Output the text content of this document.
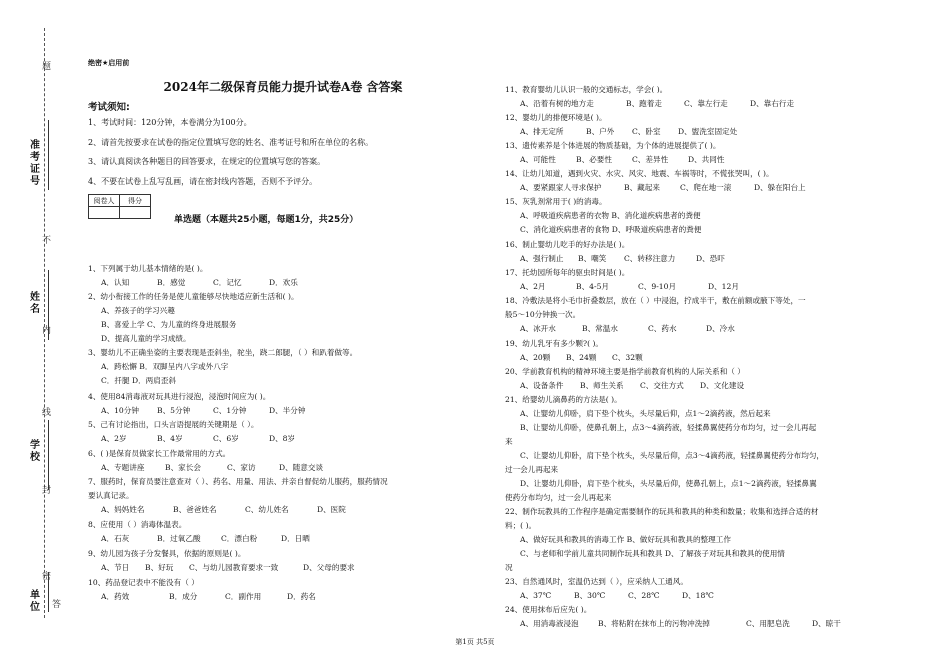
准考证号
姓名
学校
单位
题
不
内
线
封
密
答
绝密★启用前
2024年二级保育员能力提升试卷A卷 含答案
考试须知:
1、考试时间：120分钟，本卷满分为100分。
2、请首先按要求在试卷的指定位置填写您的姓名、准考证号和所在单位的名称。
3、请认真阅读各种题目的回答要求，在规定的位置填写您的答案。
4、不要在试卷上乱写乱画，请在密封线内答题，否则不予评分。
阅卷人	得分

单选题（本题共25小题，每题1分，共25分）
1、下列属于幼儿基本情绪的是( )。
A．认知	B．感觉	C．记忆	D．欢乐
2、幼小衔接工作的任务是使儿童能够尽快地适应新生活和( )。
A、养孩子的学习兴趣
B、喜爱上学 C、为儿童的终身进展服务
D、提高儿童的学习成绩。
3、婴幼儿不正确坐姿的主要表现是歪斜坐，驼坐，跷二郎腿，（ ）和趴着做等。
A．跨松懈 B．双脚呈内八字或外八字
C．扦腿 D．两肩歪斜
4、使用84消毒液对玩具进行浸泡，浸泡时间应为( )。
A、10分钟 B、5分钟	C、1分钟	D、半分钟
5、己有讨论指出，口头言语提展的关键期是（ ）。
A、2岁	B、4岁	C、6岁	D、8岁
6、( )是保育员做家长工作最常用的方式。
A、专题讲座	B、家长会	C、家访	D、随意交谈
7、服药时，保育员要注意查对（ ）、药名、用量、用法、并亲自督促幼儿服药，服药情况
要认真记录。
A、妈妈姓名	B、爸爸姓名	C、幼儿姓名	D、医院
8、应使用（ ）消毒体温表。
A．石灰	B．过氧乙酸	C．漂白粉	D．日晒
9、幼儿园为孩子分发餐具，依据的原则是( )。
A、节日 B、好玩 C、与幼儿园教育要求一致	D、父母的要求
10、药品登记表中不能没有（ ）
A．药效	B．成分	C．副作用	D．药名
11、教育婴幼儿认识一般的交通标志，学会( )。
A、沿着有树的地方走	B、跑着走	C、靠左行走	D、靠右行走
12、婴幼儿的排便环境是( )。
A、排无定所	B、户外 C、卧室 D、盥洗室固定处
13、遗传素养是个体进展的物质基础，为个体的进展提供了( )。
A、可能性	B、必要性	C、差异性	D、共同性
14、让幼儿知道，遇到火灾、水灾、风灾、地震、车祸等时，不慌张哭叫，( )。
A、要紧跟家人寻求保护	B、藏起来	C、爬在地一滚	D、躲在阳台上
15、灰乳剂常用于( )的消毒。
A、呼吸道疾病患者的衣物 B、消化道疾病患者的粪便
C、消化道疾病患者的食物 D、呼吸道疾病患者的粪便
16、制止婴幼儿吃手的好办法是( )。
A、强行制止 B、嘲笑 C、转移注意力	D、恐吓
17、托幼园所每年的驱虫时间是( )。
A、2月	B、4-5月	C、9-10月	D、12月
18、冷敷法是将小毛巾折叠数层，放在（ ）中浸泡，拧成半干，敷在前额或腋下等处，一
般5～10分钟换一次。
A、冰开水	B、常温水	C、药水	D、冷水
19、幼儿乳牙有多少颗?( )。
A、20颗 B、24颗 C、32颗
20、学前教育机构的精神环境主要是指学前教育机构的人际关系和（ ）
A、设备条件 B、师生关系 C、交往方式 D、文化建设
21、给婴幼儿滴鼻药的方法是( )。
A、让婴幼儿仰卧，肩下垫个枕头，头尽量后仰，点1～2滴药液，然后起来
B、让婴幼儿仰卧，使鼻孔朝上，点3～4滴药液，轻揉鼻翼使药分布均匀，过一会儿再起
来
C、让婴幼儿仰卧，肩下垫个枕头，头尽量后仰，点3～4滴药液，轻揉鼻翼使药分布均匀，
过一会儿再起来
D、让婴幼儿仰卧，肩下垫个枕头，头尽量后仰，使鼻孔朝上，点1～2滴药液，轻揉鼻翼
使药分布均匀，过一会儿再起来
22、制作玩教具的工作程序是确定需要制作的玩具和教具的种类和数量；收集和选择合适的材
料；( )。
A、做好玩具和教具的消毒工作 B、做好玩具和教具的整理工作
C、与老师和学前儿童共同制作玩具和教具 D、了解孩子对玩具和教具的使用情
况
23、自然通风时，室温仍达到（ ），应采纳人工通风。
A、37℃	B、30℃	C、28℃	D、18℃
24、使用抹布后应先( )。
A、用消毒液浸泡	B、将粘附在抹布上的污物冲洗掉	C、用肥皂洗	D、晾干
第1页 共5页
